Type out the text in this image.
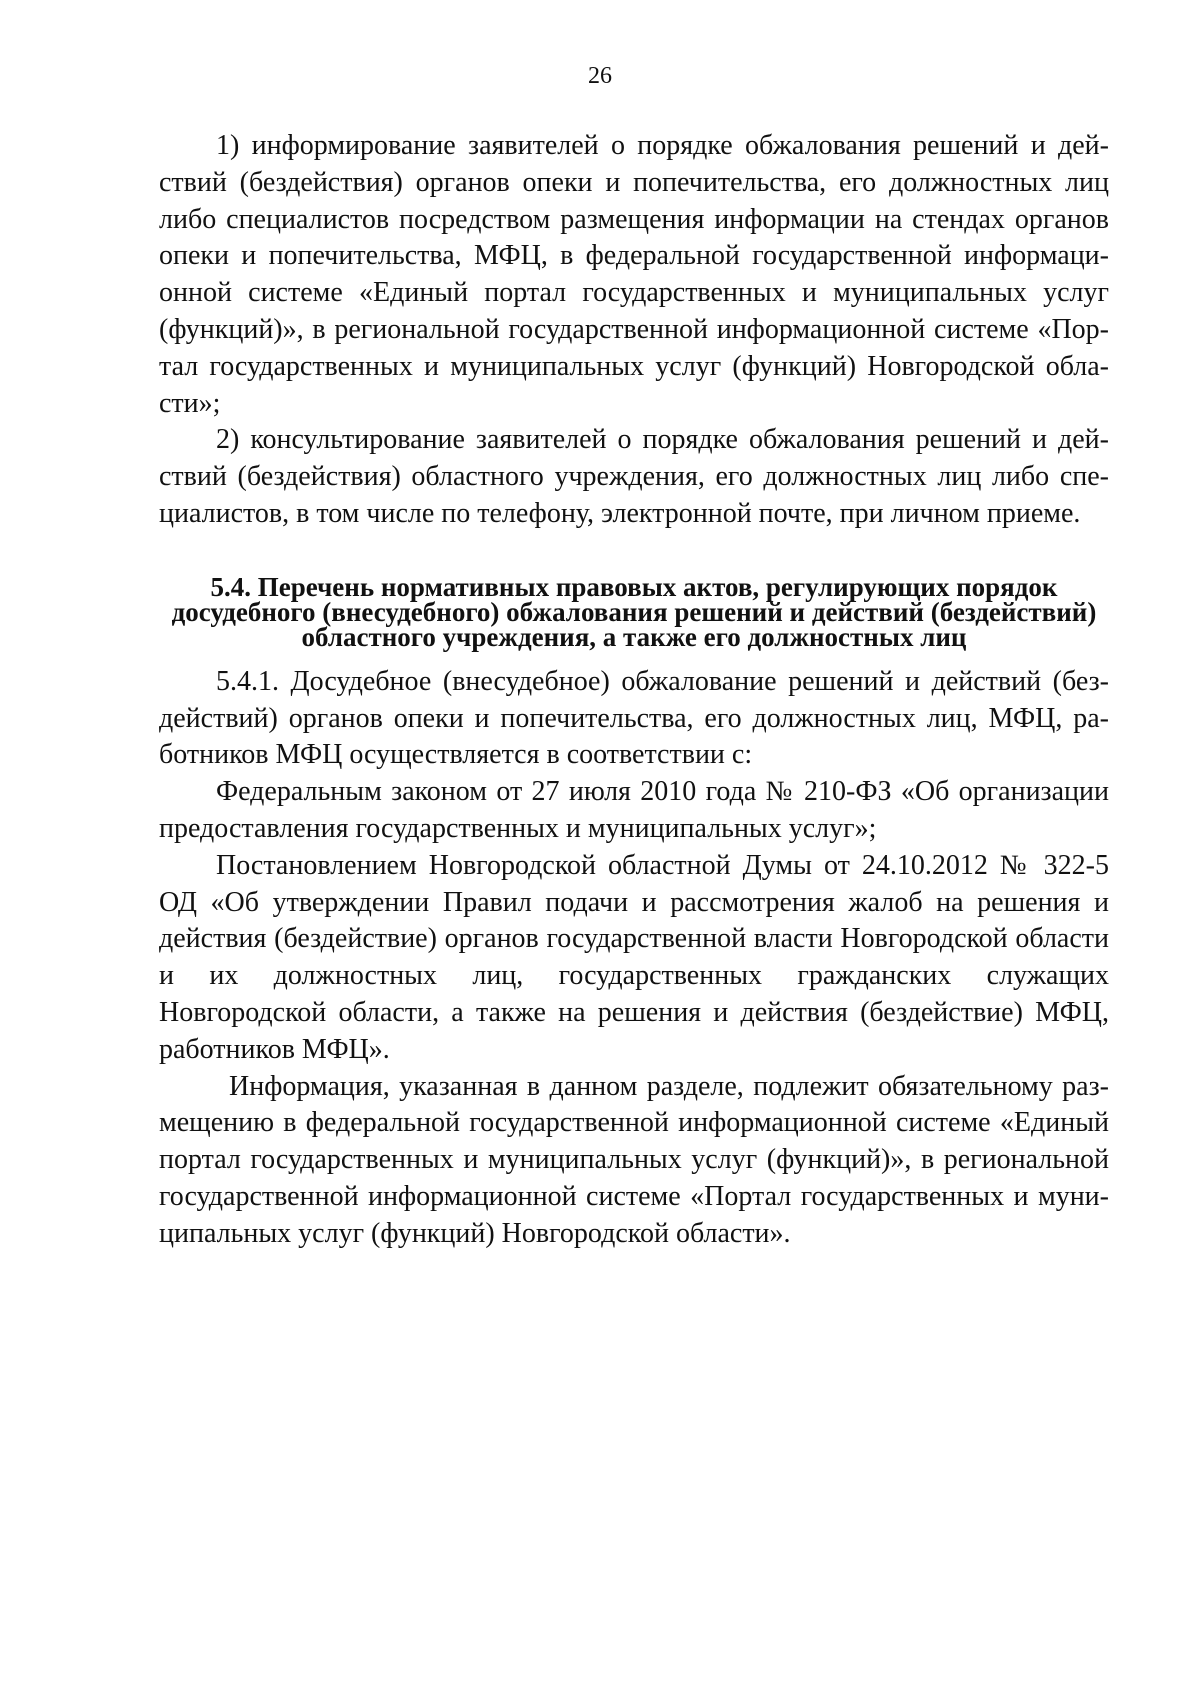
26

1) информирование заявителей о порядке обжалования решений и действий (бездействия) органов опеки и попечительства, его должностных лиц либо специалистов посредством размещения информации на стендах органов опеки и попечительства, МФЦ, в федеральной государственной информационной системе «Единый портал государственных и муниципальных услуг (функций)», в региональной государственной информационной системе «Портал государственных и муниципальных услуг (функций) Новгородской области»;

2) консультирование заявителей о порядке обжалования решений и действий (бездействия) областного учреждения, его должностных лиц либо специалистов, в том числе по телефону, электронной почте, при личном приеме.

5.4. Перечень нормативных правовых актов, регулирующих порядок досудебного (внесудебного) обжалования решений и действий (бездействий) областного учреждения, а также его должностных лиц

5.4.1. Досудебное (внесудебное) обжалование решений и действий (бездействий) органов опеки и попечительства, его должностных лиц, МФЦ, работников МФЦ осуществляется в соответствии с:

Федеральным законом от 27 июля 2010 года № 210-ФЗ «Об организации предоставления государственных и муниципальных услуг»;

Постановлением Новгородской областной Думы от 24.10.2012 № 322-5 ОД «Об утверждении Правил подачи и рассмотрения жалоб на решения и действия (бездействие) органов государственной власти Новгородской области и их должностных лиц, государственных гражданских служащих Новгородской области, а также на решения и действия (бездействие) МФЦ, работников МФЦ».

Информация, указанная в данном разделе, подлежит обязательному размещению в федеральной государственной информационной системе «Единый портал государственных и муниципальных услуг (функций)», в региональной государственной информационной системе «Портал государственных и муниципальных услуг (функций) Новгородской области».
